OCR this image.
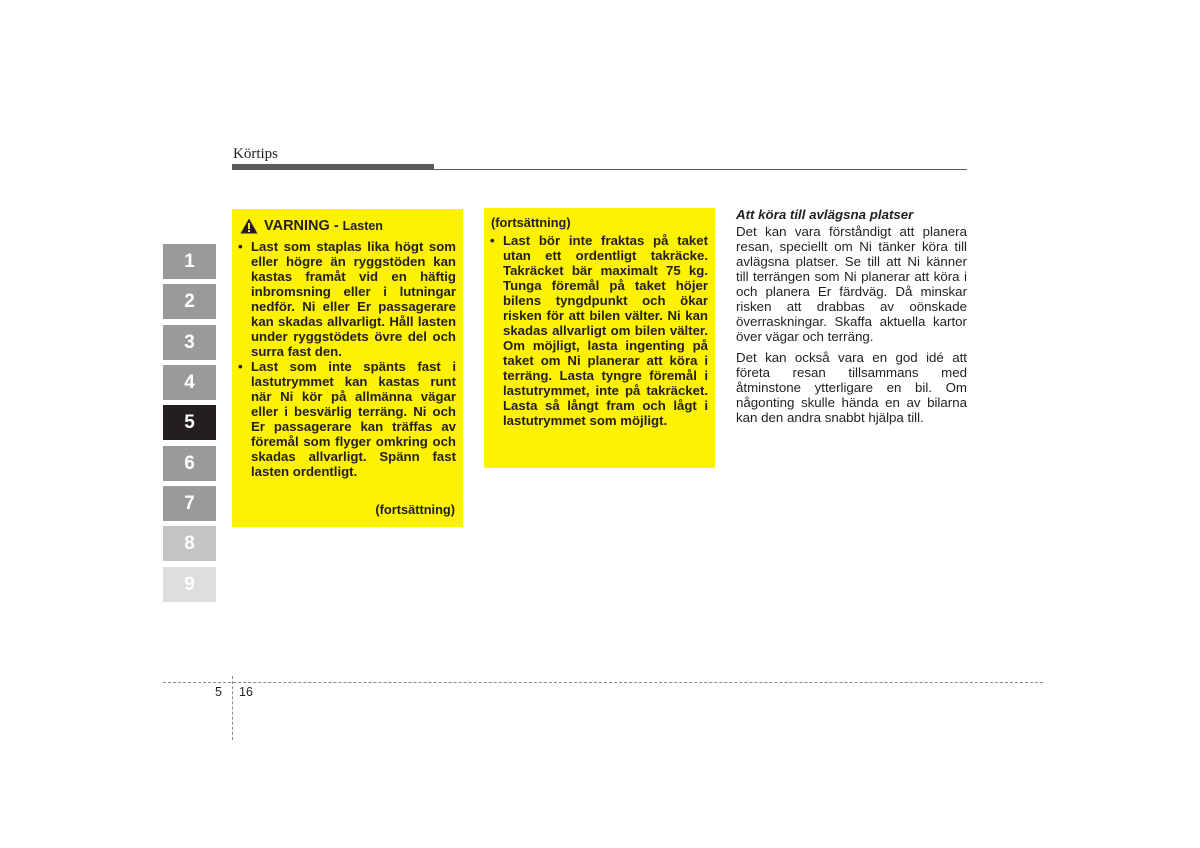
Körtips
1
2
3
4
5
6
7
8
9
VARNING - Lasten
• Last som staplas lika högt som eller högre än ryggstöden kan kastas framåt vid en häftig inbromsning eller i lutningar nedför. Ni eller Er passagerare kan skadas allvarligt. Håll lasten under ryggstödets övre del och surra fast den.
• Last som inte spänts fast i lastutrymmet kan kastas runt när Ni kör på allmänna vägar eller i besvärlig terräng. Ni och Er passagerare kan träffas av föremål som flyger omkring och skadas allvarligt. Spänn fast lasten ordentligt.
(fortsättning)
(fortsättning)
• Last bör inte fraktas på taket utan ett ordentligt takräcke. Takräcket bär maximalt 75 kg. Tunga föremål på taket höjer bilens tyngdpunkt och ökar risken för att bilen välter. Ni kan skadas allvarligt om bilen välter. Om möjligt, lasta ingenting på taket om Ni planerar att köra i terräng. Lasta tyngre föremål i lastutrymmet, inte på takräcket. Lasta så långt fram och lågt i lastutrymmet som möjligt.
Att köra till avlägsna platser

Det kan vara förståndigt att planera resan, speciellt om Ni tänker köra till avlägsna platser. Se till att Ni känner till terrängen som Ni planerar att köra i och planera Er färdväg. Då minskar risken att drabbas av oönskade överraskningar. Skaffa aktuella kartor över vägar och terräng.

Det kan också vara en god idé att företa resan tillsammans med åtminstone ytterligare en bil. Om någonting skulle hända en av bilarna kan den andra snabbt hjälpa till.

5 16
